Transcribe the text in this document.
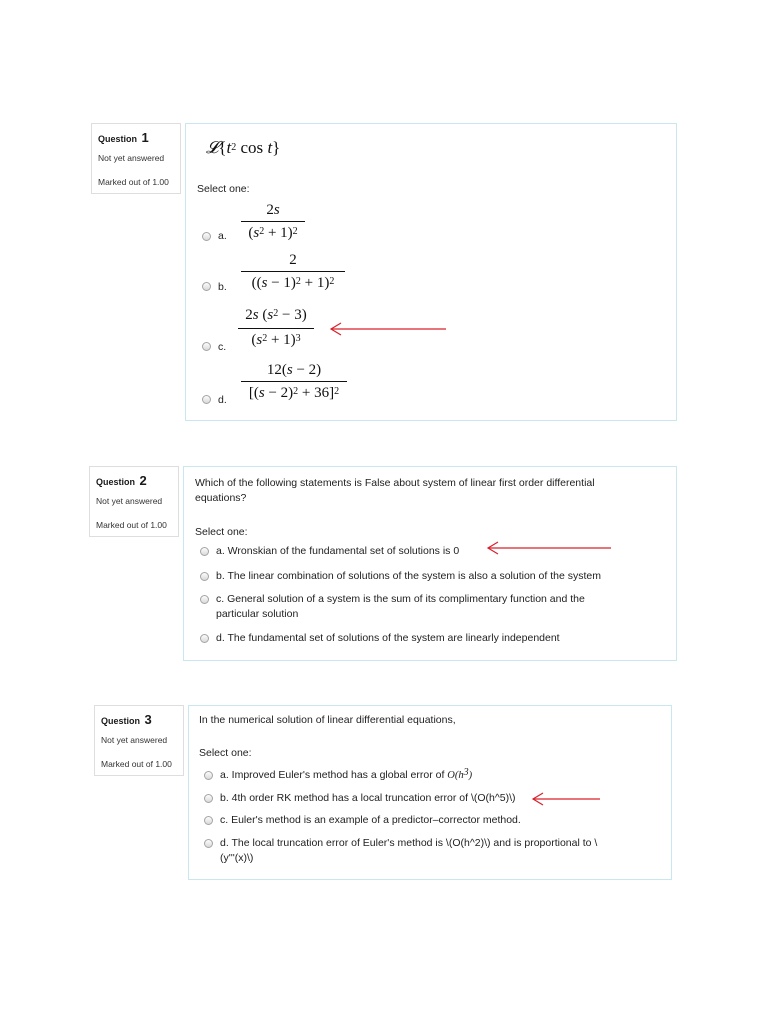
Question 1
Not yet answered
Marked out of 1.00
$𝓛\{t^2$ cos t}
Select one:
a.
2s
$(s^2 + 1)^2$
b.
2
$((s - 1)^2 + 1)^2$
c.
2s $(s^2 - 3)$
$(s^2 + 1)^3$
d.
12(s − 2)
$[(s - 2)^2 + 36]^2$
Question 2
Not yet answered
Marked out of 1.00
Which of the following statements is False about system of linear first order differential equations?
Select one:
a. Wronskian of the fundamental set of solutions is 0
b. The linear combination of solutions of the system is also a solution of the system
c. General solution of a system is the sum of its complimentary function and the particular solution
d. The fundamental set of solutions of the system are linearly independent
Question 3
Not yet answered
Marked out of 1.00
In the numerical solution of linear differential equations,
Select one:
a. Improved Euler's method has a global error of $O(h^3)$
b. 4th order RK method has a local truncation error of \(O(h^5)\)
c. Euler's method is an example of a predictor–corrector method.
d. The local truncation error of Euler's method is \(O(h^2)\) and is proportional to \ (y'''(x)\)
